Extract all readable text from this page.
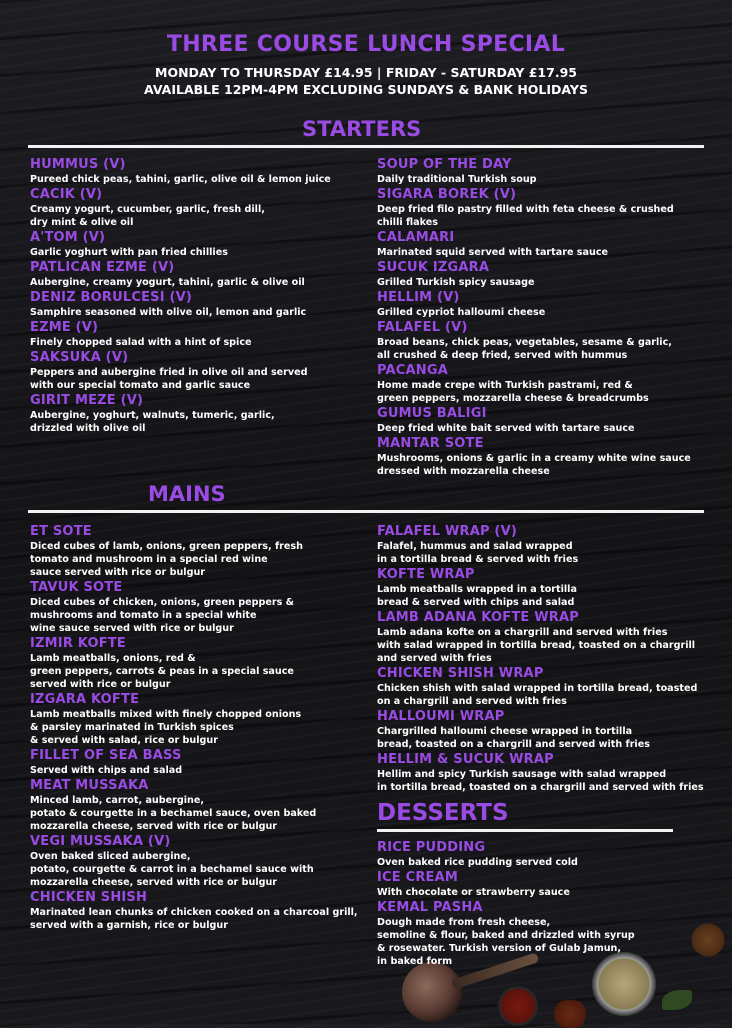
THREE COURSE LUNCH SPECIAL
MONDAY TO THURSDAY £14.95 | FRIDAY - SATURDAY £17.95
AVAILABLE 12PM-4PM EXCLUDING SUNDAYS & BANK HOLIDAYS
STARTERS
HUMMUS (V)
Pureed chick peas, tahini, garlic, olive oil & lemon juice
CACIK (V)
Creamy yogurt, cucumber, garlic, fresh dill,
dry mint & olive oil
A'TOM (V)
Garlic yoghurt with pan fried chillies
PATLICAN EZME (V)
Aubergine, creamy yogurt, tahini, garlic & olive oil
DENIZ BORULCESI (V)
Samphire seasoned with olive oil, lemon and garlic
EZME (V)
Finely chopped salad with a hint of spice
SAKSUKA (V)
Peppers and aubergine fried in olive oil and served
with our special tomato and garlic sauce
GIRIT MEZE (V)
Aubergine, yoghurt, walnuts, tumeric, garlic,
drizzled with olive oil
SOUP OF THE DAY
Daily traditional Turkish soup
SIGARA BOREK (V)
Deep fried filo pastry filled with feta cheese & crushed
chilli flakes
CALAMARI
Marinated squid served with tartare sauce
SUCUK IZGARA
Grilled Turkish spicy sausage
HELLIM (V)
Grilled cypriot halloumi cheese
FALAFEL (V)
Broad beans, chick peas, vegetables, sesame & garlic,
all crushed & deep fried, served with hummus
PACANGA
Home made crepe with Turkish pastrami, red &
green peppers, mozzarella cheese & breadcrumbs
GUMUS BALIGI
Deep fried white bait served with tartare sauce
MANTAR SOTE
Mushrooms, onions & garlic in a creamy white wine sauce
dressed with mozzarella cheese
MAINS
ET SOTE
Diced cubes of lamb, onions, green peppers, fresh
tomato and mushroom in a special red wine
sauce served with rice or bulgur
TAVUK SOTE
Diced cubes of chicken, onions, green peppers &
mushrooms and tomato in a special white
wine sauce served with rice or bulgur
IZMIR KOFTE
Lamb meatballs, onions, red &
green peppers, carrots & peas in a special sauce
served with rice or bulgur
IZGARA KOFTE
Lamb meatballs mixed with finely chopped onions
& parsley marinated in Turkish spices
& served with salad, rice or bulgur
FILLET OF SEA BASS
Served with chips and salad
MEAT MUSSAKA
Minced lamb, carrot, aubergine,
potato & courgette in a bechamel sauce, oven baked
mozzarella cheese, served with rice or bulgur
VEGI MUSSAKA (V)
Oven baked sliced aubergine,
potato, courgette & carrot in a bechamel sauce with
mozzarella cheese, served with rice or bulgur
CHICKEN SHISH
Marinated lean chunks of chicken cooked on a charcoal grill,
served with a garnish, rice or bulgur
FALAFEL WRAP (V)
Falafel, hummus and salad wrapped
in a tortilla bread & served with fries
KOFTE WRAP
Lamb meatballs wrapped in a tortilla
bread & served with chips and salad
LAMB ADANA KOFTE WRAP
Lamb adana kofte on a chargrill and served with fries
with salad wrapped in tortilla bread, toasted on a chargrill
and served with fries
CHICKEN SHISH WRAP
Chicken shish with salad wrapped in tortilla bread, toasted
on a chargrill and served with fries
HALLOUMI WRAP
Chargrilled halloumi cheese wrapped in tortilla
bread, toasted on a chargrill and served with fries
HELLIM & SUCUK WRAP
Hellim and spicy Turkish sausage with salad wrapped
in tortilla bread, toasted on a chargrill and served with fries
DESSERTS
RICE PUDDING
Oven baked rice pudding served cold
ICE CREAM
With chocolate or strawberry sauce
KEMAL PASHA
Dough made from fresh cheese,
semoline & flour, baked and drizzled with syrup
& rosewater. Turkish version of Gulab Jamun,
in baked form
